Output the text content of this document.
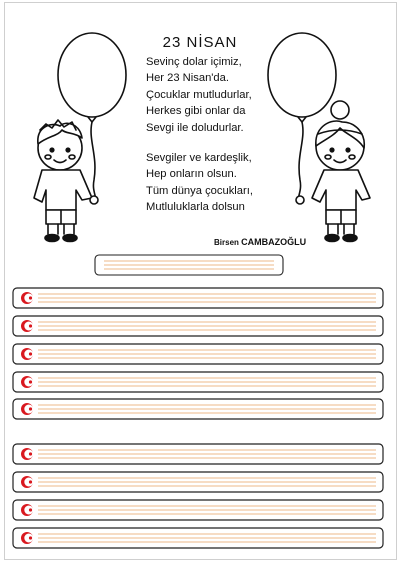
23 NİSAN
Sevinç dolar içimiz,
Her 23 Nisan'da.
Çocuklar mutludurlar,
Herkes gibi onlar da
Sevgi ile doludurlar.
Sevgiler ve kardeşlik,
Hep onların olsun.
Tüm dünya çocukları,
Mutluluklarla dolsun
Birsen CAMBAZOĞLU
